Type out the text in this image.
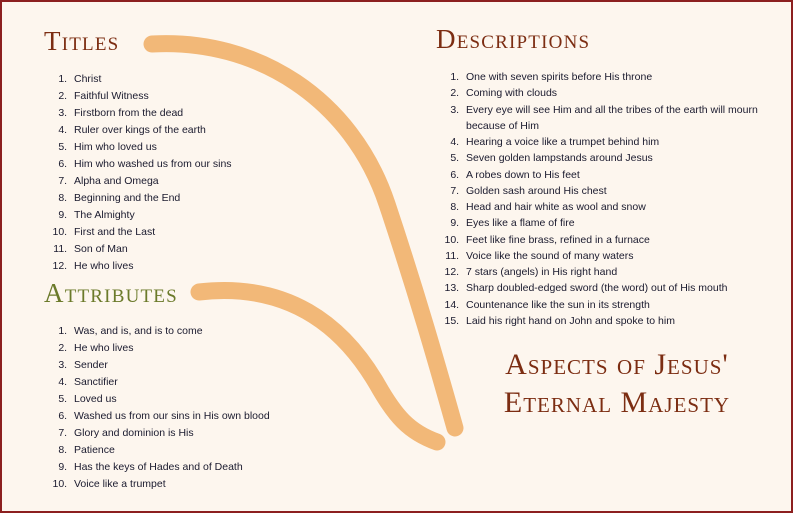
Titles
1. Christ
2. Faithful Witness
3. Firstborn from the dead
4. Ruler over kings of the earth
5. Him who loved us
6. Him who washed us from our sins
7. Alpha and Omega
8. Beginning and the End
9. The Almighty
10. First and the Last
11. Son of Man
12. He who lives
Attributes
1. Was, and is, and is to come
2. He who lives
3. Sender
4. Sanctifier
5. Loved us
6. Washed us from our sins in His own blood
7. Glory and dominion is His
8. Patience
9. Has the keys of Hades and of Death
10. Voice like a trumpet
Descriptions
1. One with seven spirits before His throne
2. Coming with clouds
3. Every eye will see Him and all the tribes of the earth will mourn because of Him
4. Hearing a voice like a trumpet behind him
5. Seven golden lampstands around Jesus
6. A robes down to His feet
7. Golden sash around His chest
8. Head and hair white as wool and snow
9. Eyes like a flame of fire
10. Feet like fine brass, refined in a furnace
11. Voice like the sound of many waters
12. 7 stars (angels) in His right hand
13. Sharp doubled-edged sword (the word) out of His mouth
14. Countenance like the sun in its strength
15. Laid his right hand on John and spoke to him
Aspects of Jesus' Eternal Majesty
